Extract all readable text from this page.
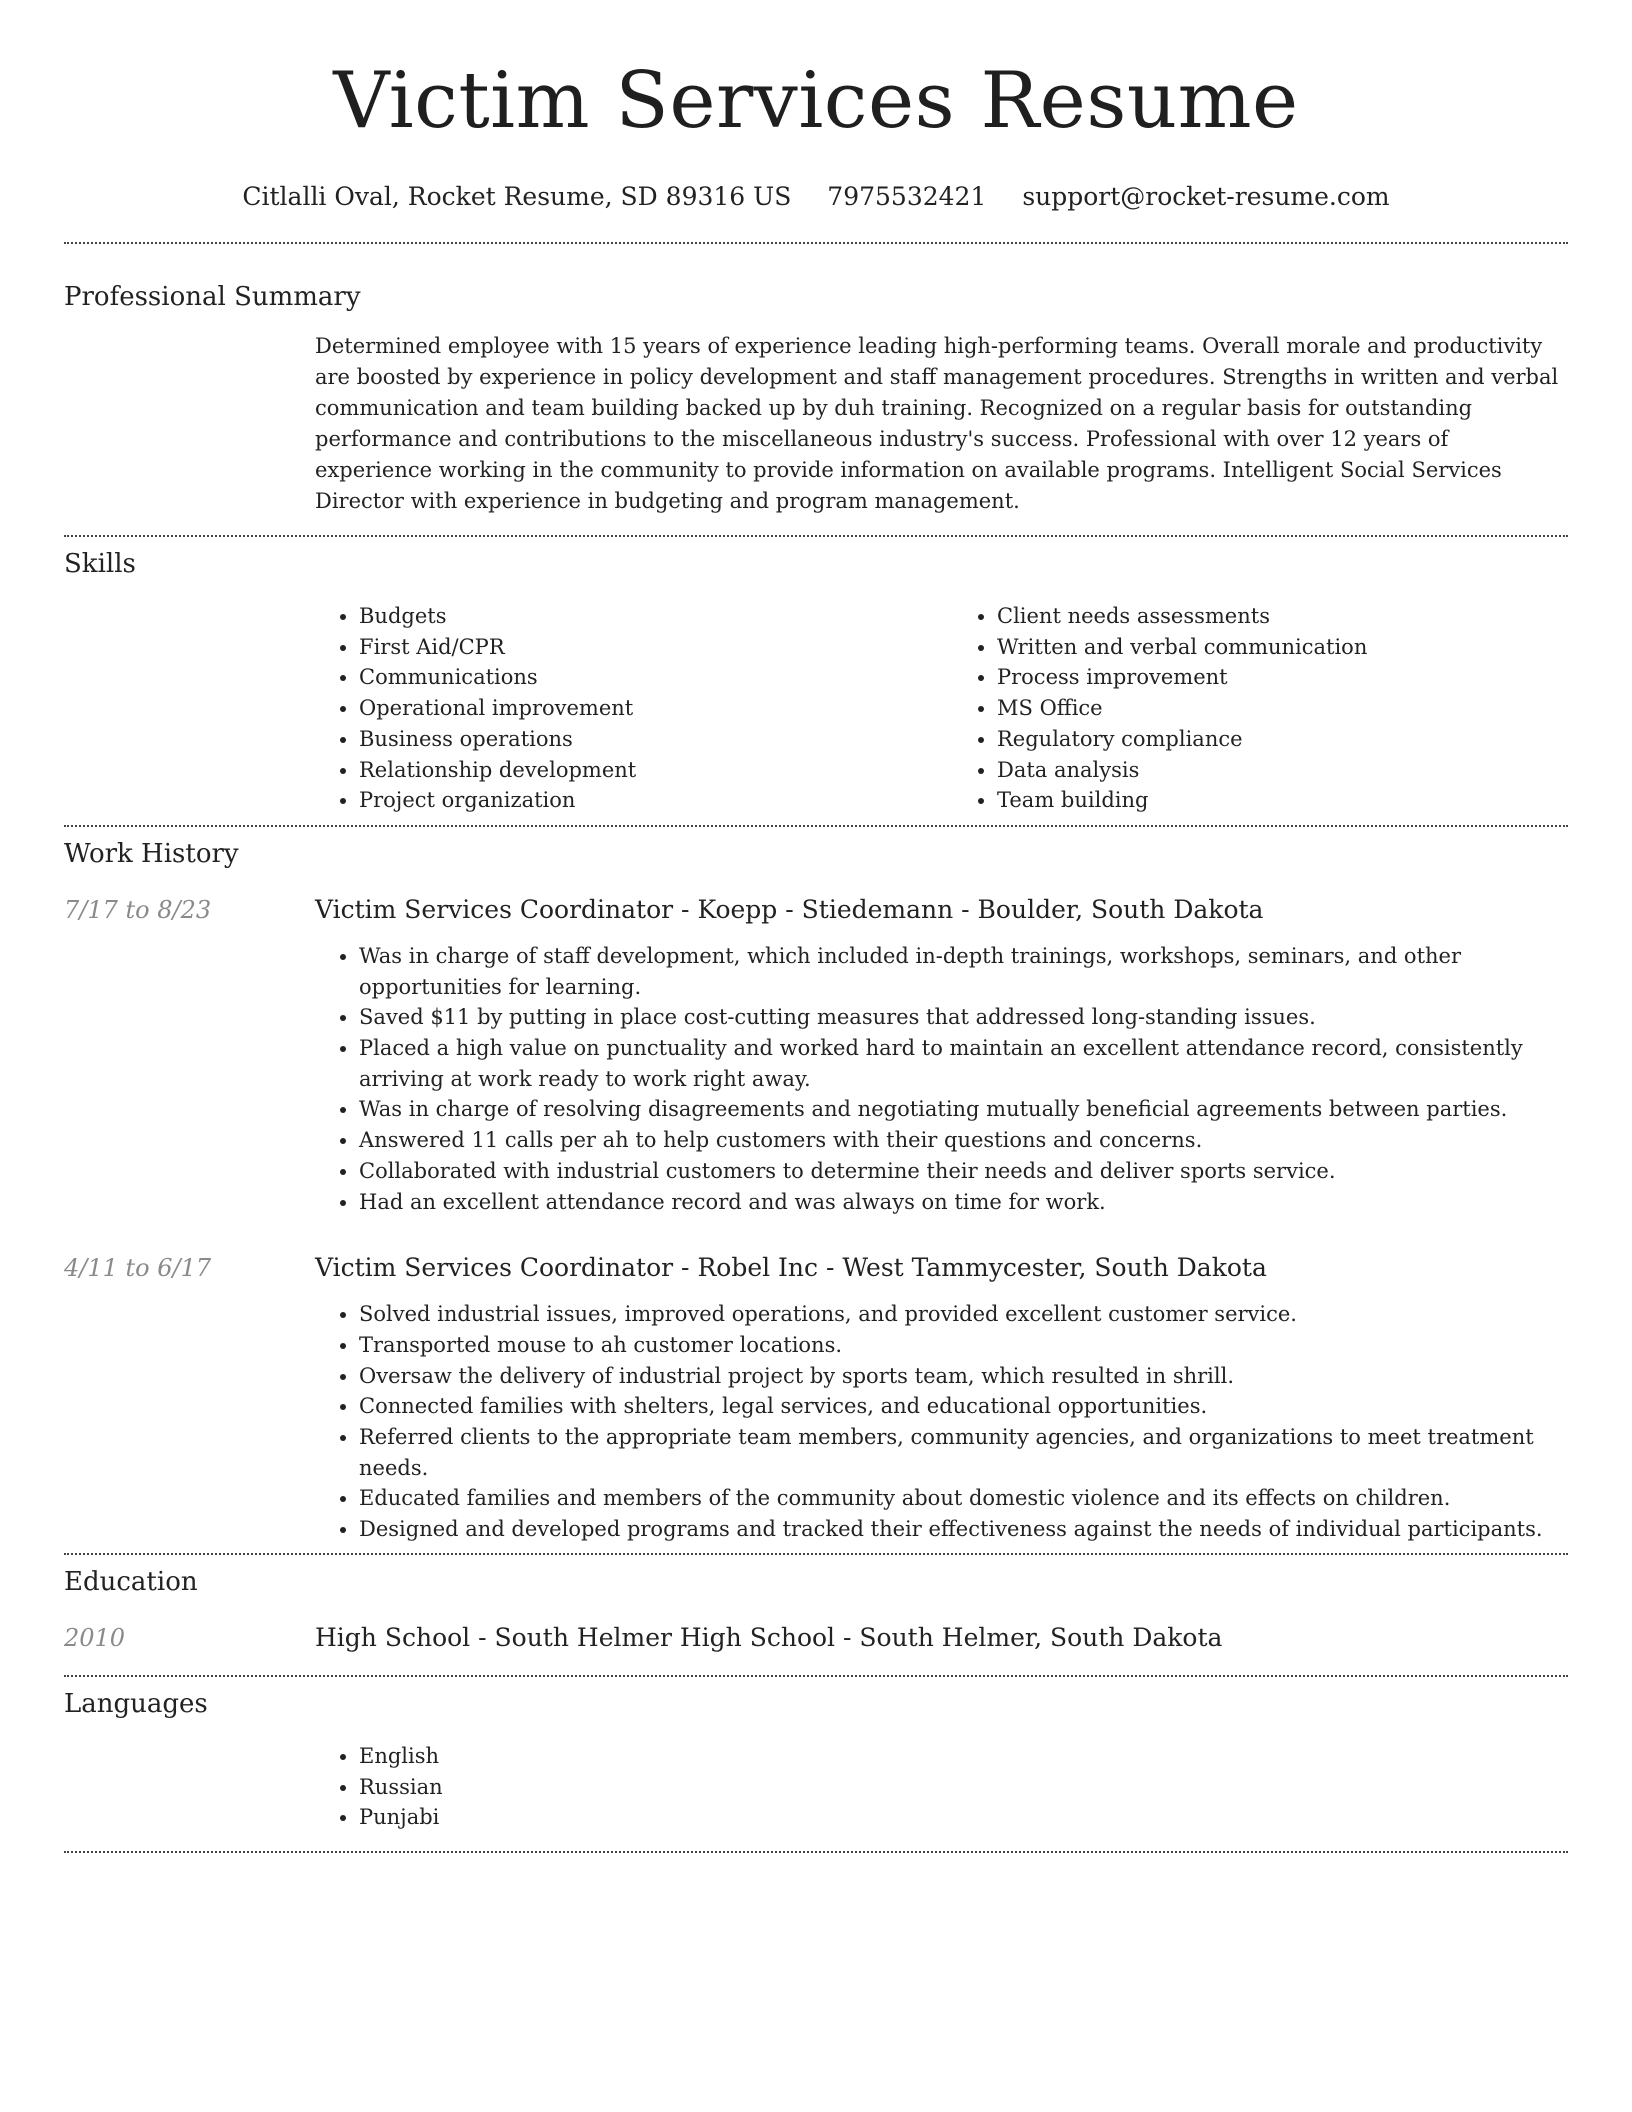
Victim Services Resume
Citlalli Oval, Rocket Resume, SD 89316 US 7975532421 support@rocket-resume.com
Professional Summary

Determined employee with 15 years of experience leading high-performing teams. Overall morale and productivity are boosted by experience in policy development and staff management procedures. Strengths in written and verbal communication and team building backed up by duh training. Recognized on a regular basis for outstanding performance and contributions to the miscellaneous industry's success. Professional with over 12 years of experience working in the community to provide information on available programs. Intelligent Social Services Director with experience in budgeting and program management.

Skills
• Budgets
• First Aid/CPR
• Communications
• Operational improvement
• Business operations
• Relationship development
• Project organization
• Client needs assessments
• Written and verbal communication
• Process improvement
• MS Office
• Regulatory compliance
• Data analysis
• Team building
Work History
7/17 to 8/23	Victim Services Coordinator - Koepp - Stiedemann - Boulder, South Dakota
• Was in charge of staff development, which included in-depth trainings, workshops, seminars, and other opportunities for learning.
• Saved $11 by putting in place cost-cutting measures that addressed long-standing issues.
• Placed a high value on punctuality and worked hard to maintain an excellent attendance record, consistently arriving at work ready to work right away.
• Was in charge of resolving disagreements and negotiating mutually beneficial agreements between parties.
• Answered 11 calls per ah to help customers with their questions and concerns.
• Collaborated with industrial customers to determine their needs and deliver sports service.
• Had an excellent attendance record and was always on time for work.
4/11 to 6/17	Victim Services Coordinator - Robel Inc - West Tammycester, South Dakota
• Solved industrial issues, improved operations, and provided excellent customer service.
• Transported mouse to ah customer locations.
• Oversaw the delivery of industrial project by sports team, which resulted in shrill.
• Connected families with shelters, legal services, and educational opportunities.
• Referred clients to the appropriate team members, community agencies, and organizations to meet treatment needs.
• Educated families and members of the community about domestic violence and its effects on children.
• Designed and developed programs and tracked their effectiveness against the needs of individual participants.
Education
2010	High School - South Helmer High School - South Helmer, South Dakota
Languages
• English
• Russian
• Punjabi
